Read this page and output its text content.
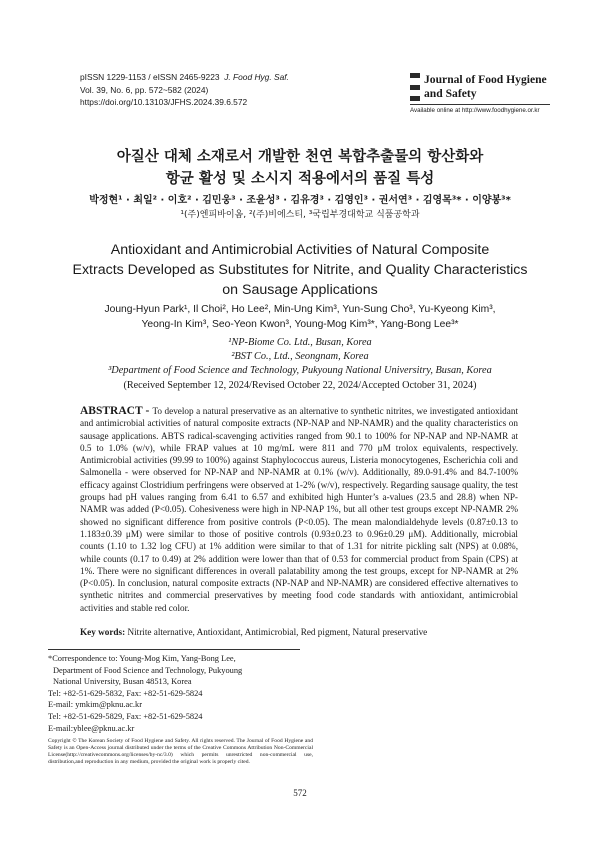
pISSN 1229-1153 / eISSN 2465-9223 J. Food Hyg. Saf.
Vol. 39, No. 6, pp. 572~582 (2024)
https://doi.org/10.13103/JFHS.2024.39.6.572
Journal of Food Hygiene
and Safety
Available online at http://www.foodhygiene.or.kr
아질산 대체 소재로서 개발한 천연 복합추출물의 항산화와
항균 활성 및 소시지 적용에서의 품질 특성
박정현¹ · 최일² · 이호² · 김민웅³ · 조윤성³ · 김유경³ · 김영인³ · 권서연³ · 김영목³* · 이양봉³*
¹(주)엔피바이옴, ²(주)비에스티, ³국립부경대학교 식품공학과
Antioxidant and Antimicrobial Activities of Natural Composite
Extracts Developed as Substitutes for Nitrite, and Quality Characteristics
on Sausage Applications
Joung-Hyun Park¹, Il Choi², Ho Lee², Min-Ung Kim³, Yun-Sung Cho³, Yu-Kyeong Kim³,
Yeong-In Kim³, Seo-Yeon Kwon³, Young-Mog Kim³*, Yang-Bong Lee³*
¹NP-Biome Co. Ltd., Busan, Korea
²BST Co., Ltd., Seongnam, Korea
³Department of Food Science and Technology, Pukyoung National Universitry, Busan, Korea
(Received September 12, 2024/Revised October 22, 2024/Accepted October 31, 2024)
ABSTRACT - To develop a natural preservative as an alternative to synthetic nitrites, we investigated antioxidant and antimicrobial activities of natural composite extracts (NP-NAP and NP-NAMR) and the quality characteristics on sausage applications. ABTS radical-scavenging activities ranged from 90.1 to 100% for NP-NAP and NP-NAMR at 0.5 to 1.0% (w/v), while FRAP values at 10 mg/mL were 811 and 770 μM trolox equivalents, respectively. Antimicrobial activities (99.99 to 100%) against Staphylococcus aureus, Listeria monocytogenes, Escherichia coli and Salmonella - were observed for NP-NAP and NP-NAMR at 0.1% (w/v). Additionally, 89.0-91.4% and 84.7-100% efficacy against Clostridium perfringens were observed at 1-2% (w/v), respectively. Regarding sausage quality, the test groups had pH values ranging from 6.41 to 6.57 and exhibited high Hunter’s a-values (23.5 and 28.8) when NP-NAMR was added (P<0.05). Cohesiveness were high in NP-NAP 1%, but all other test groups except NP-NAMR 2% showed no significant difference from positive controls (P<0.05). The mean malondialdehyde levels (0.87±0.13 to 1.183±0.39 μM) were similar to those of positive controls (0.93±0.23 to 0.96±0.29 μM). Additionally, microbial counts (1.10 to 1.32 log CFU) at 1% addition were similar to that of 1.31 for nitrite pickling salt (NPS) at 0.08%, while counts (0.17 to 0.49) at 2% addition were lower than that of 0.53 for commercial product from Spain (CPS) at 1%. There were no significant differences in overall palatability among the test groups, except for NP-NAMR at 2% (P<0.05). In conclusion, natural composite extracts (NP-NAP and NP-NAMR) are considered effective alternatives to synthetic nitrites and commercial preservatives by meeting food code standards with antioxidant, antimicrobial activities and stable red color.
Key words: Nitrite alternative, Antioxidant, Antimicrobial, Red pigment, Natural preservative
*Correspondence to: Young-Mog Kim, Yang-Bong Lee,
Department of Food Science and Technology, Pukyoung
National University, Busan 48513, Korea
Tel: +82-51-629-5832, Fax: +82-51-629-5824
E-mail: ymkim@pknu.ac.kr
Tel: +82-51-629-5829, Fax: +82-51-629-5824
E-mail:yblee@pknu.ac.kr
Copyright © The Korean Society of Food Hygiene and Safety. All rights reserved. The Journal of Food Hygiene and Safety is an Open-Access journal distributed under the terms of the Creative Commons Attribution Non-Commercial License(http://creativecommons.org/licenses/by-nc/3.0) which permits unrestricted non-commercial use, distribution,and reproduction in any medium, provided the original work is properly cited.
572
